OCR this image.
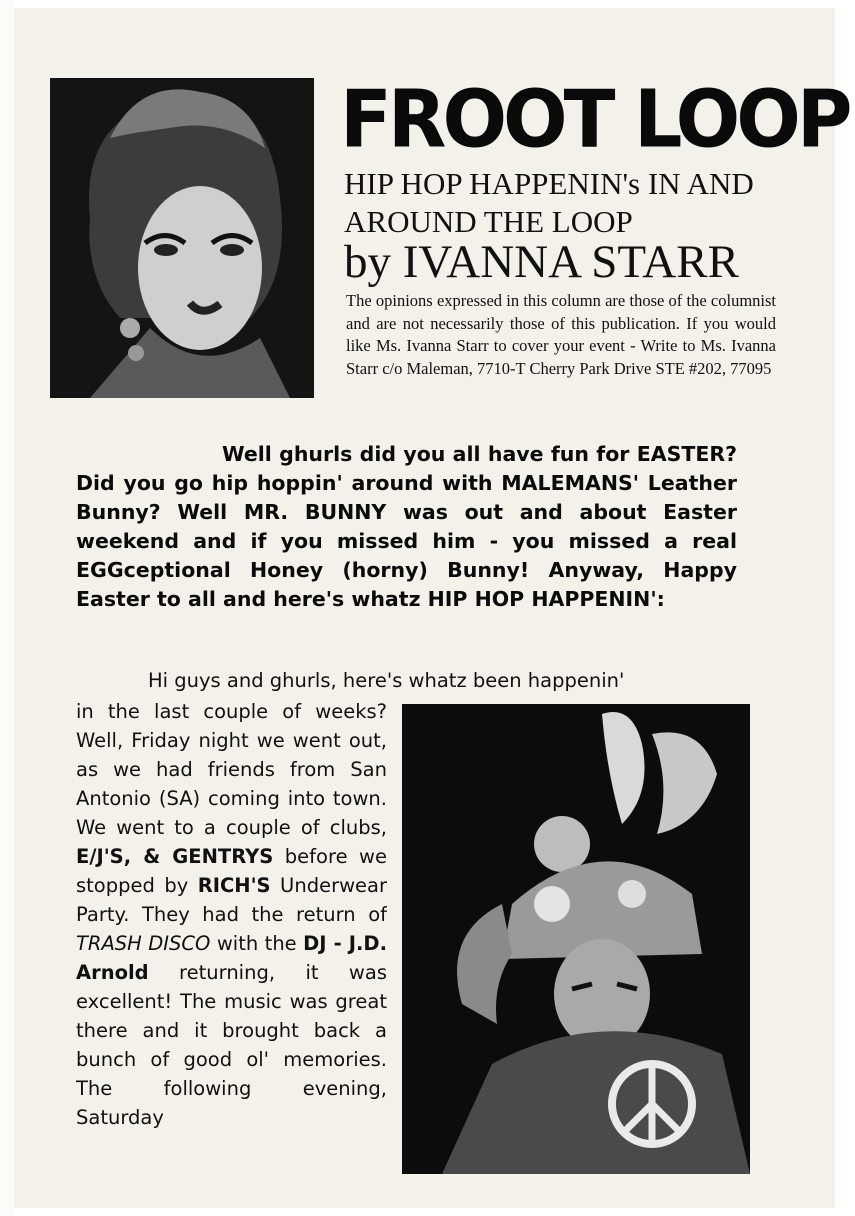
FROOT LOOP

HIP HOP HAPPENIN's IN AND AROUND THE LOOP

by IVANNA STARR

The opinions expressed in this column are those of the columnist and are not necessarily those of this publication. If you would like Ms. Ivanna Starr to cover your event - Write to Ms. Ivanna Starr c/o Maleman, 7710-T Cherry Park Drive STE #202, 77095

Well ghurls did you all have fun for EASTER? Did you go hip hoppin' around with MALEMANS' Leather Bunny? Well MR. BUNNY was out and about Easter weekend and if you missed him - you missed a real EGGceptional Honey (horny) Bunny! Anyway, Happy Easter to all and here's whatz HIP HOP HAPPENIN':

Hi guys and ghurls, here's whatz been happenin'

in the last couple of weeks? Well, Friday night we went out, as we had friends from San Antonio (SA) coming into town. We went to a couple of clubs, E/J'S, & GENTRYS before we stopped by RICH'S Underwear Party. They had the return of TRASH DISCO with the DJ - J.D. Arnold returning, it was excellent! The music was great there and it brought back a bunch of good ol' memories. The following evening, Saturday
